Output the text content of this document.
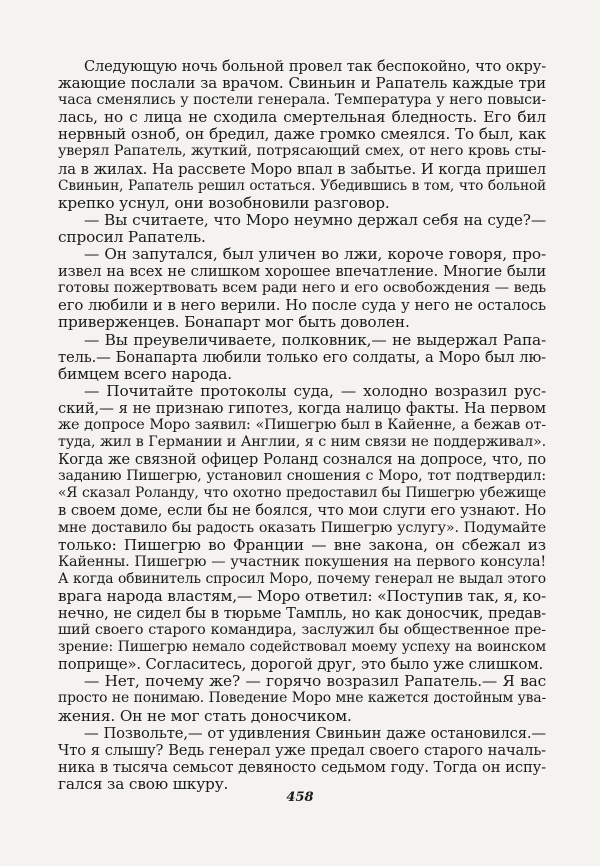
Следующую ночь больной провел так беспокойно, что окру-
жающие послали за врачом. Свиньин и Рапатель каждые три
часа сменялись у постели генерала. Температура у него повыси-
лась, но с лица не сходила смертельная бледность. Его бил
нервный озноб, он бредил, даже громко смеялся. То был, как
уверял Рапатель, жуткий, потрясающий смех, от него кровь сты-
ла в жилах. На рассвете Моро впал в забытье. И когда пришел
Свиньин, Рапатель решил остаться. Убедившись в том, что больной
крепко уснул, они возобновили разговор.
— Вы считаете, что Моро неумно держал себя на суде?—
спросил Рапатель.
— Он запутался, был уличен во лжи, короче говоря, про-
извел на всех не слишком хорошее впечатление. Многие были
готовы пожертвовать всем ради него и его освобождения — ведь
его любили и в него верили. Но после суда у него не осталось
приверженцев. Бонапарт мог быть доволен.
— Вы преувеличиваете, полковник,— не выдержал Рапа-
тель.— Бонапарта любили только его солдаты, а Моро был лю-
бимцем всего народа.
— Почитайте протоколы суда, — холодно возразил рус-
ский,— я не признаю гипотез, когда налицо факты. На первом
же допросе Моро заявил: «Пишегрю был в Кайенне, а бежав от-
туда, жил в Германии и Англии, я с ним связи не поддерживал».
Когда же связной офицер Роланд сознался на допросе, что, по
заданию Пишегрю, установил сношения с Моро, тот подтвердил:
«Я сказал Роланду, что охотно предоставил бы Пишегрю убежище
в своем доме, если бы не боялся, что мои слуги его узнают. Но
мне доставило бы радость оказать Пишегрю услугу». Подумайте
только: Пишегрю во Франции — вне закона, он сбежал из
Кайенны. Пишегрю — участник покушения на первого консула!
А когда обвинитель спросил Моро, почему генерал не выдал этого
врага народа властям,— Моро ответил: «Поступив так, я, ко-
нечно, не сидел бы в тюрьме Тампль, но как доносчик, предав-
ший своего старого командира, заслужил бы общественное пре-
зрение: Пишегрю немало содействовал моему успеху на воинском
поприще». Согласитесь, дорогой друг, это было уже слишком.
— Нет, почему же? — горячо возразил Рапатель.— Я вас
просто не понимаю. Поведение Моро мне кажется достойным ува-
жения. Он не мог стать доносчиком.
— Позвольте,— от удивления Свиньин даже остановился.—
Что я слышу? Ведь генерал уже предал своего старого началь-
ника в тысяча семьсот девяносто седьмом году. Тогда он испу-
гался за свою шкуру.
458
